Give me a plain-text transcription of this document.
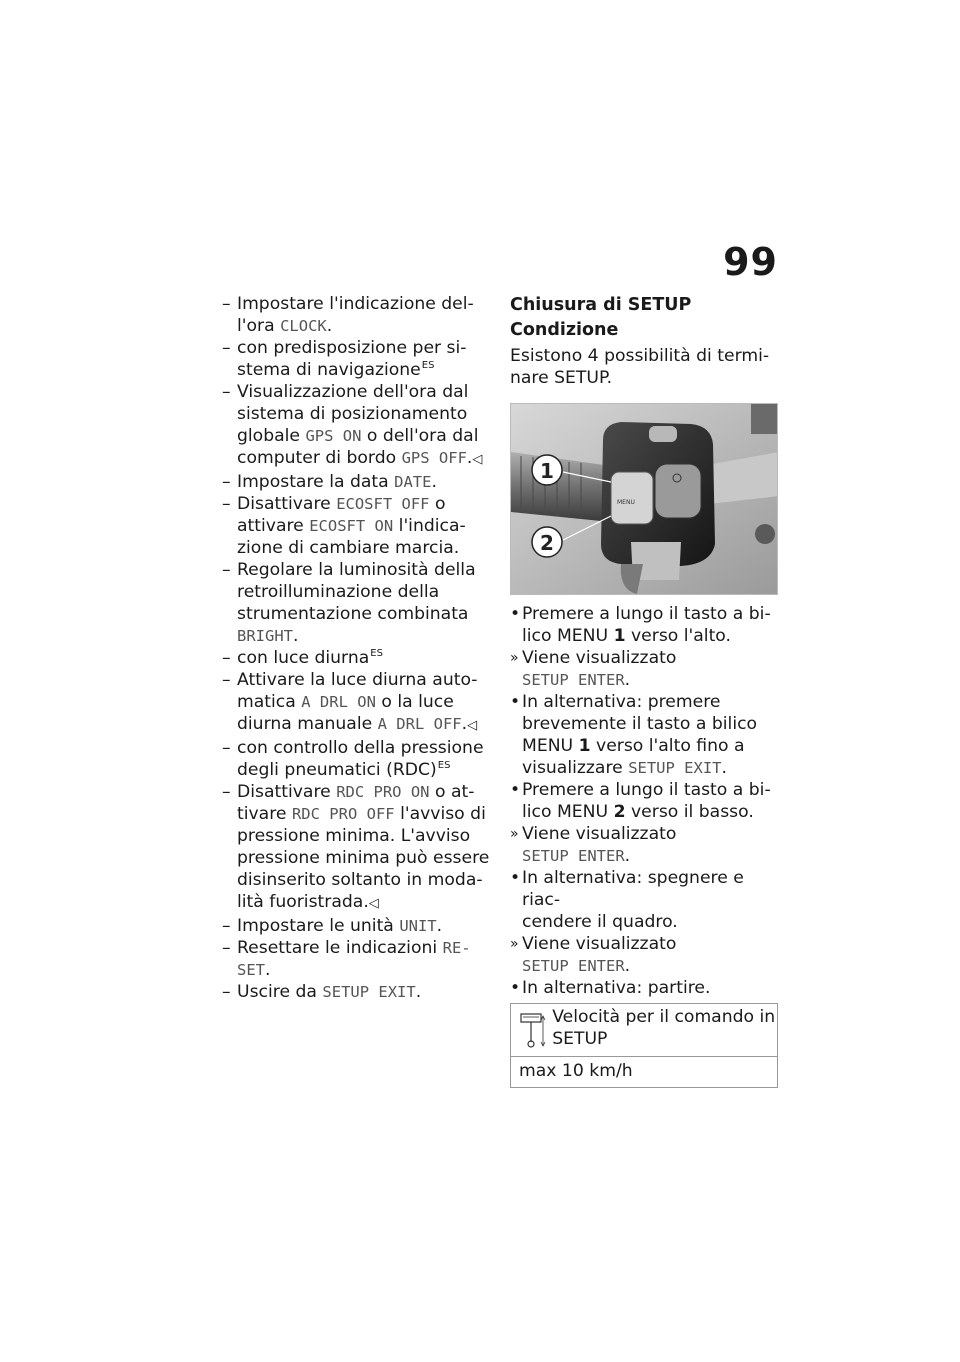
99
– Impostare l'indicazione del-
l'ora CLOCK.
– con predisposizione per si-
stema di navigazione$^{ES}$
– Visualizzazione dell'ora dal sistema di posizionamento globale GPS ON o dell'ora dal computer di bordo GPS OFF.◁
– Impostare la data DATE.
– Disattivare ECOSFT OFF o attivare ECOSFT ON l'indica-
zione di cambiare marcia.
– Regolare la luminosità della retroilluminazione della strumentazione combinata BRIGHT.
– con luce diurna$^{ES}$
– Attivare la luce diurna auto-
matica A DRL ON o la luce diurna manuale A DRL OFF.◁
– con controllo della pressione degli pneumatici (RDC)$^{ES}$
– Disattivare RDC PRO ON o at-
tivare RDC PRO OFF l'avviso di pressione minima. L'avviso pressione minima può essere disinserito soltanto in moda-
lità fuoristrada.◁
– Impostare le unità UNIT.
– Resettare le indicazioni RE-
SET.
– Uscire da SETUP EXIT.
Chiusura di SETUP
Condizione
Esistono 4 possibilità di termi-
nare SETUP.
MENU
1
2
• Premere a lungo il tasto a bi-
lico MENU 1 verso l'alto.
» Viene visualizzato
SETUP ENTER.
• In alternativa: premere brevemente il tasto a bilico MENU 1 verso l'alto fino a visualizzare SETUP EXIT.
• Premere a lungo il tasto a bi-
lico MENU 2 verso il basso.
» Viene visualizzato
SETUP ENTER.
• In alternativa: spegnere e riac-
cendere il quadro.
» Viene visualizzato
SETUP ENTER.
• In alternativa: partire.
Velocità per il comando in SETUP
max 10 km/h
